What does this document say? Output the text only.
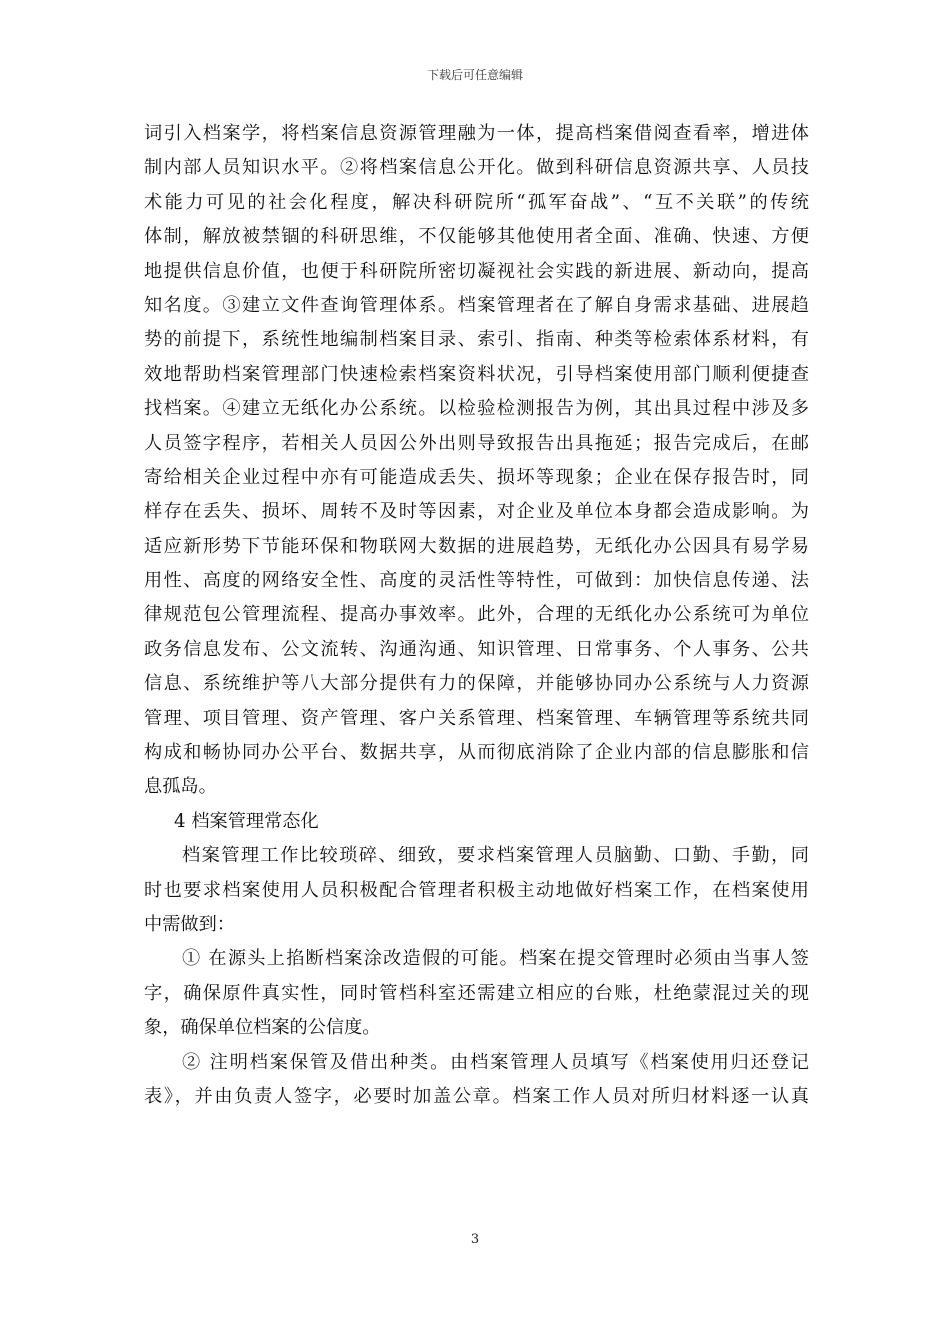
下载后可任意编辑
词引入档案学，将档案信息资源管理融为一体，提高档案借阅查看率，增进体
制内部人员知识水平。②将档案信息公开化。做到科研信息资源共享、人员技
术能力可见的社会化程度，解决科研院所“孤军奋战”、“互不关联”的传统
体制，解放被禁锢的科研思维，不仅能够其他使用者全面、准确、快速、方便
地提供信息价值，也便于科研院所密切凝视社会实践的新进展、新动向，提高
知名度。③建立文件查询管理体系。档案管理者在了解自身需求基础、进展趋
势的前提下，系统性地编制档案目录、索引、指南、种类等检索体系材料，有
效地帮助档案管理部门快速检索档案资料状况，引导档案使用部门顺利便捷查
找档案。④建立无纸化办公系统。以检验检测报告为例，其出具过程中涉及多
人员签字程序，若相关人员因公外出则导致报告出具拖延；报告完成后，在邮
寄给相关企业过程中亦有可能造成丢失、损坏等现象；企业在保存报告时，同
样存在丢失、损坏、周转不及时等因素，对企业及单位本身都会造成影响。为
适应新形势下节能环保和物联网大数据的进展趋势，无纸化办公因具有易学易
用性、高度的网络安全性、高度的灵活性等特性，可做到：加快信息传递、法
律规范包公管理流程、提高办事效率。此外，合理的无纸化办公系统可为单位
政务信息发布、公文流转、沟通沟通、知识管理、日常事务、个人事务、公共
信息、系统维护等八大部分提供有力的保障，并能够协同办公系统与人力资源
管理、项目管理、资产管理、客户关系管理、档案管理、车辆管理等系统共同
构成和畅协同办公平台、数据共享，从而彻底消除了企业内部的信息膨胀和信
息孤岛。
4 档案管理常态化
档案管理工作比较琐碎、细致，要求档案管理人员脑勤、口勤、手勤，同
时也要求档案使用人员积极配合管理者积极主动地做好档案工作，在档案使用
中需做到：
① 在源头上掐断档案涂改造假的可能。档案在提交管理时必须由当事人签
字，确保原件真实性，同时管档科室还需建立相应的台账，杜绝蒙混过关的现
象，确保单位档案的公信度。
② 注明档案保管及借出种类。由档案管理人员填写《档案使用归还登记
表》，并由负责人签字，必要时加盖公章。档案工作人员对所归材料逐一认真
3
